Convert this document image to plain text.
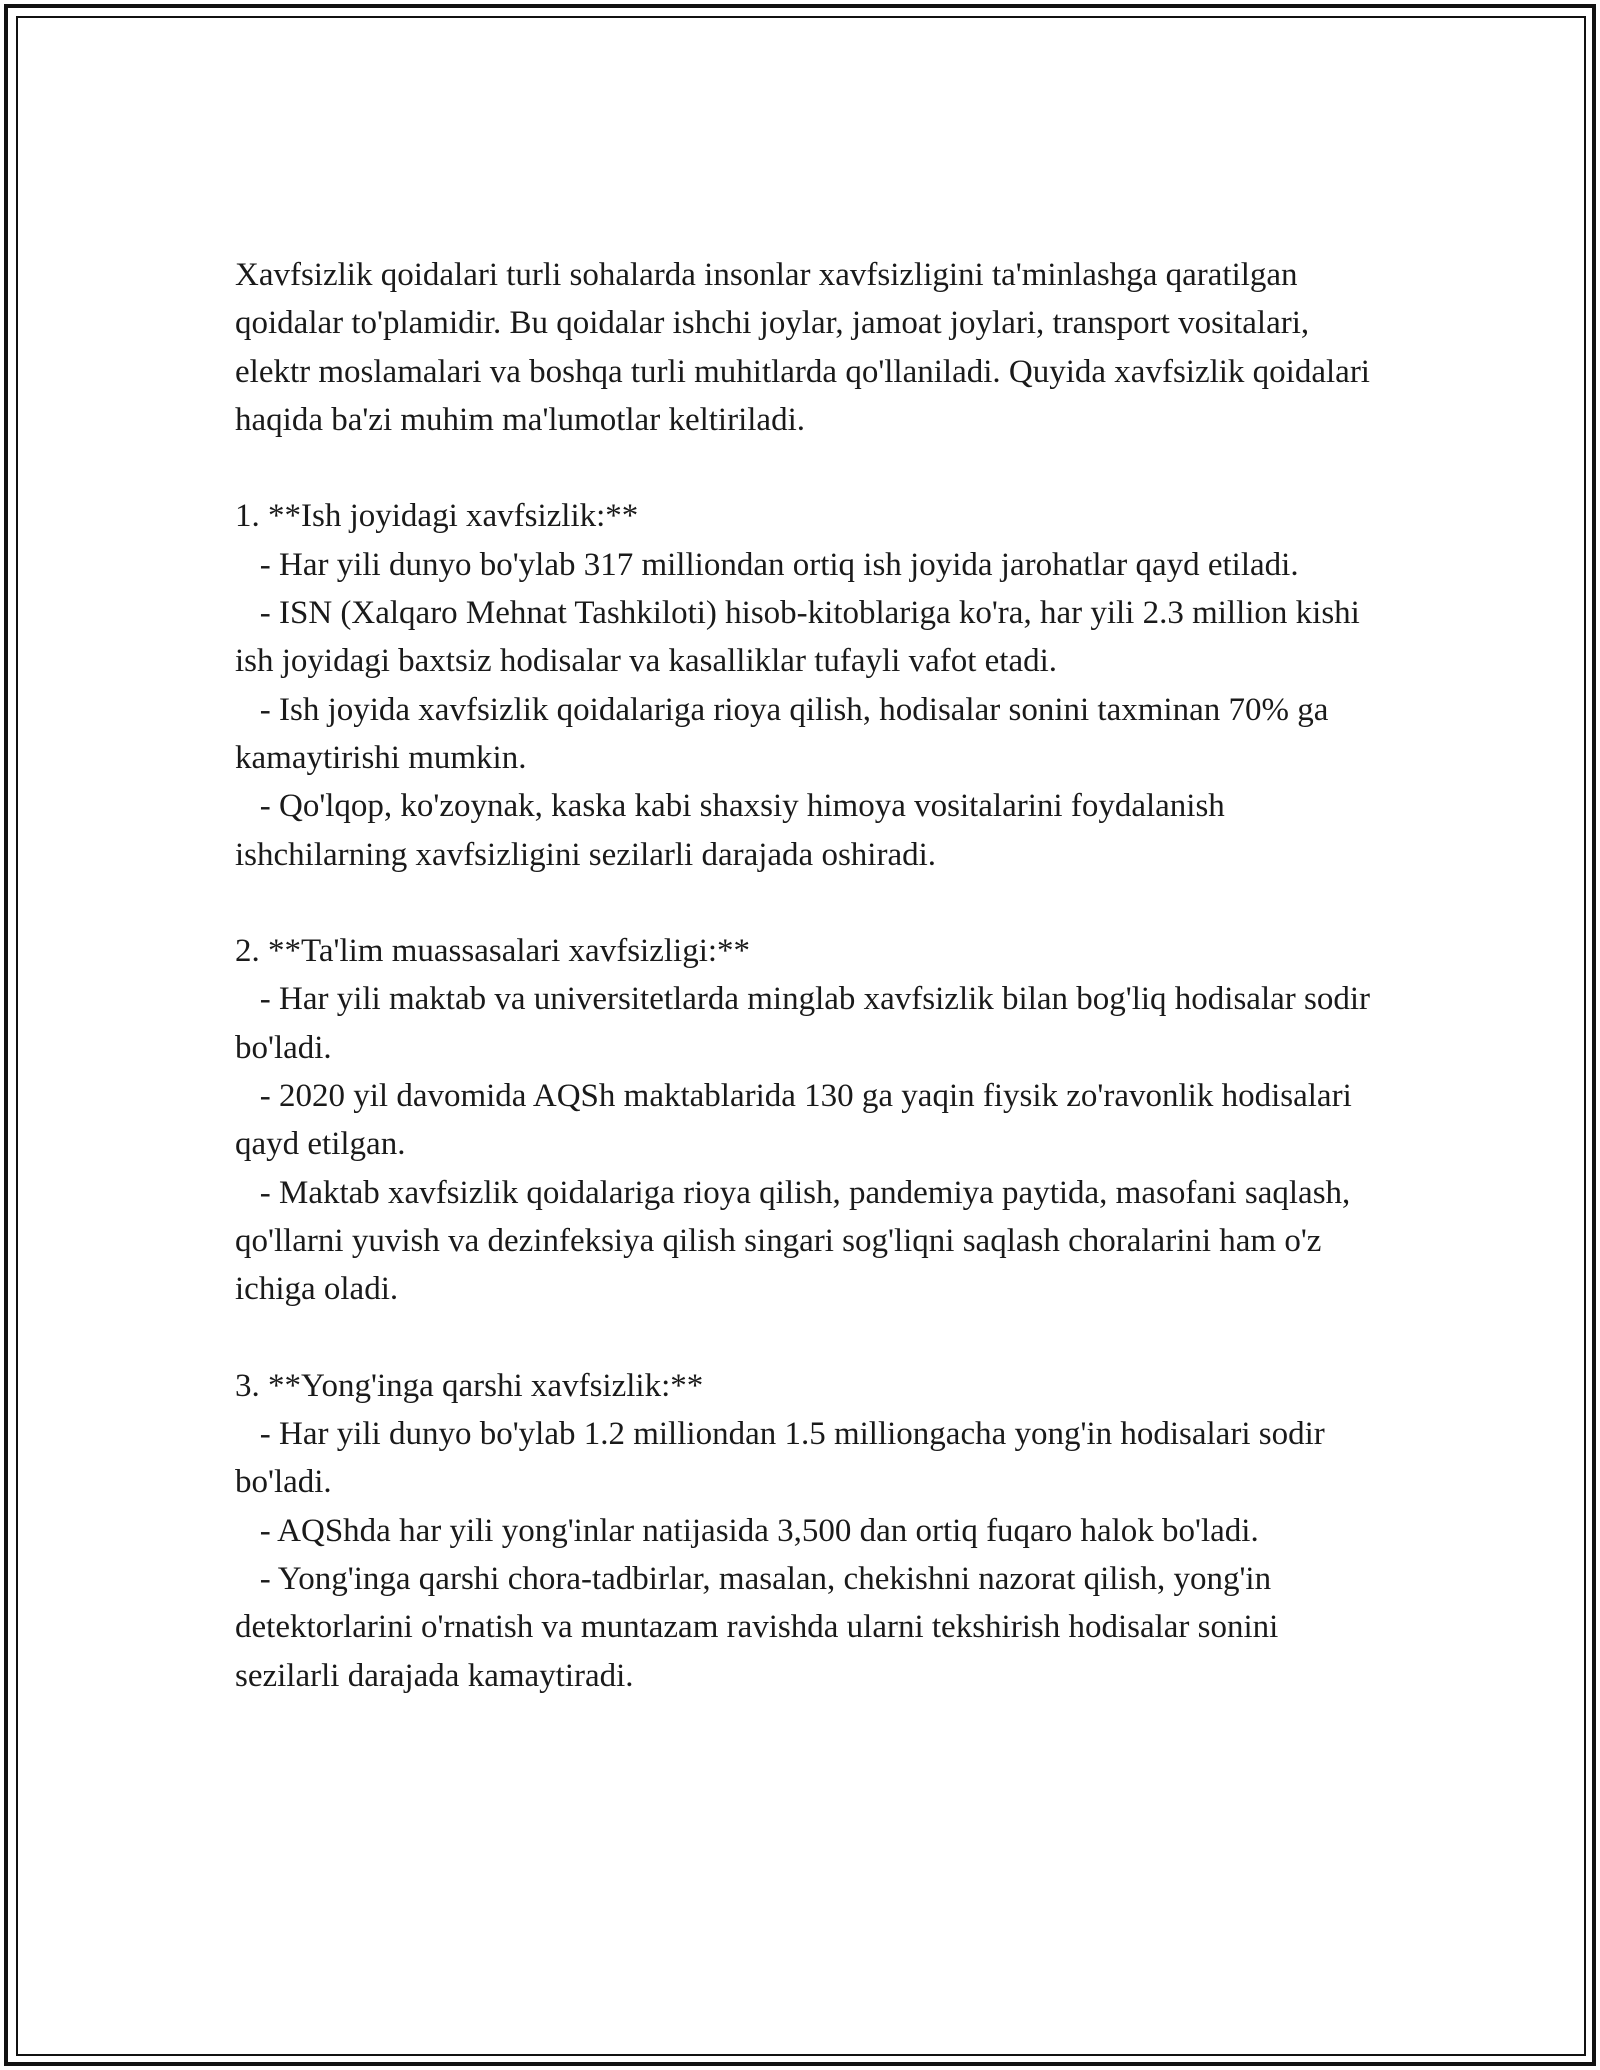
Xavfsizlik qoidalari turli sohalarda insonlar xavfsizligini ta'minlashga qaratilgan qoidalar to'plamidir. Bu qoidalar ishchi joylar, jamoat joylari, transport vositalari, elektr moslamalari va boshqa turli muhitlarda qo'llaniladi. Quyida xavfsizlik qoidalari haqida ba'zi muhim ma'lumotlar keltiriladi.

1. **Ish joyidagi xavfsizlik:**

- Har yili dunyo bo'ylab 317 milliondan ortiq ish joyida jarohatlar qayd etiladi.

- ISN (Xalqaro Mehnat Tashkiloti) hisob-kitoblariga ko'ra, har yili 2.3 million kishi ish joyidagi baxtsiz hodisalar va kasalliklar tufayli vafot etadi.

- Ish joyida xavfsizlik qoidalariga rioya qilish, hodisalar sonini taxminan 70% ga kamaytirishi mumkin.

- Qo'lqop, ko'zoynak, kaska kabi shaxsiy himoya vositalarini foydalanish ishchilarning xavfsizligini sezilarli darajada oshiradi.

2. **Ta'lim muassasalari xavfsizligi:**

- Har yili maktab va universitetlarda minglab xavfsizlik bilan bog'liq hodisalar sodir bo'ladi.

- 2020 yil davomida AQSh maktablarida 130 ga yaqin fiysik zo'ravonlik hodisalari qayd etilgan.

- Maktab xavfsizlik qoidalariga rioya qilish, pandemiya paytida, masofani saqlash, qo'llarni yuvish va dezinfeksiya qilish singari sog'liqni saqlash choralarini ham o'z ichiga oladi.

3. **Yong'inga qarshi xavfsizlik:**

- Har yili dunyo bo'ylab 1.2 milliondan 1.5 milliongacha yong'in hodisalari sodir bo'ladi.

- AQShda har yili yong'inlar natijasida 3,500 dan ortiq fuqaro halok bo'ladi.

- Yong'inga qarshi chora-tadbirlar, masalan, chekishni nazorat qilish, yong'in detektorlarini o'rnatish va muntazam ravishda ularni tekshirish hodisalar sonini sezilarli darajada kamaytiradi.
